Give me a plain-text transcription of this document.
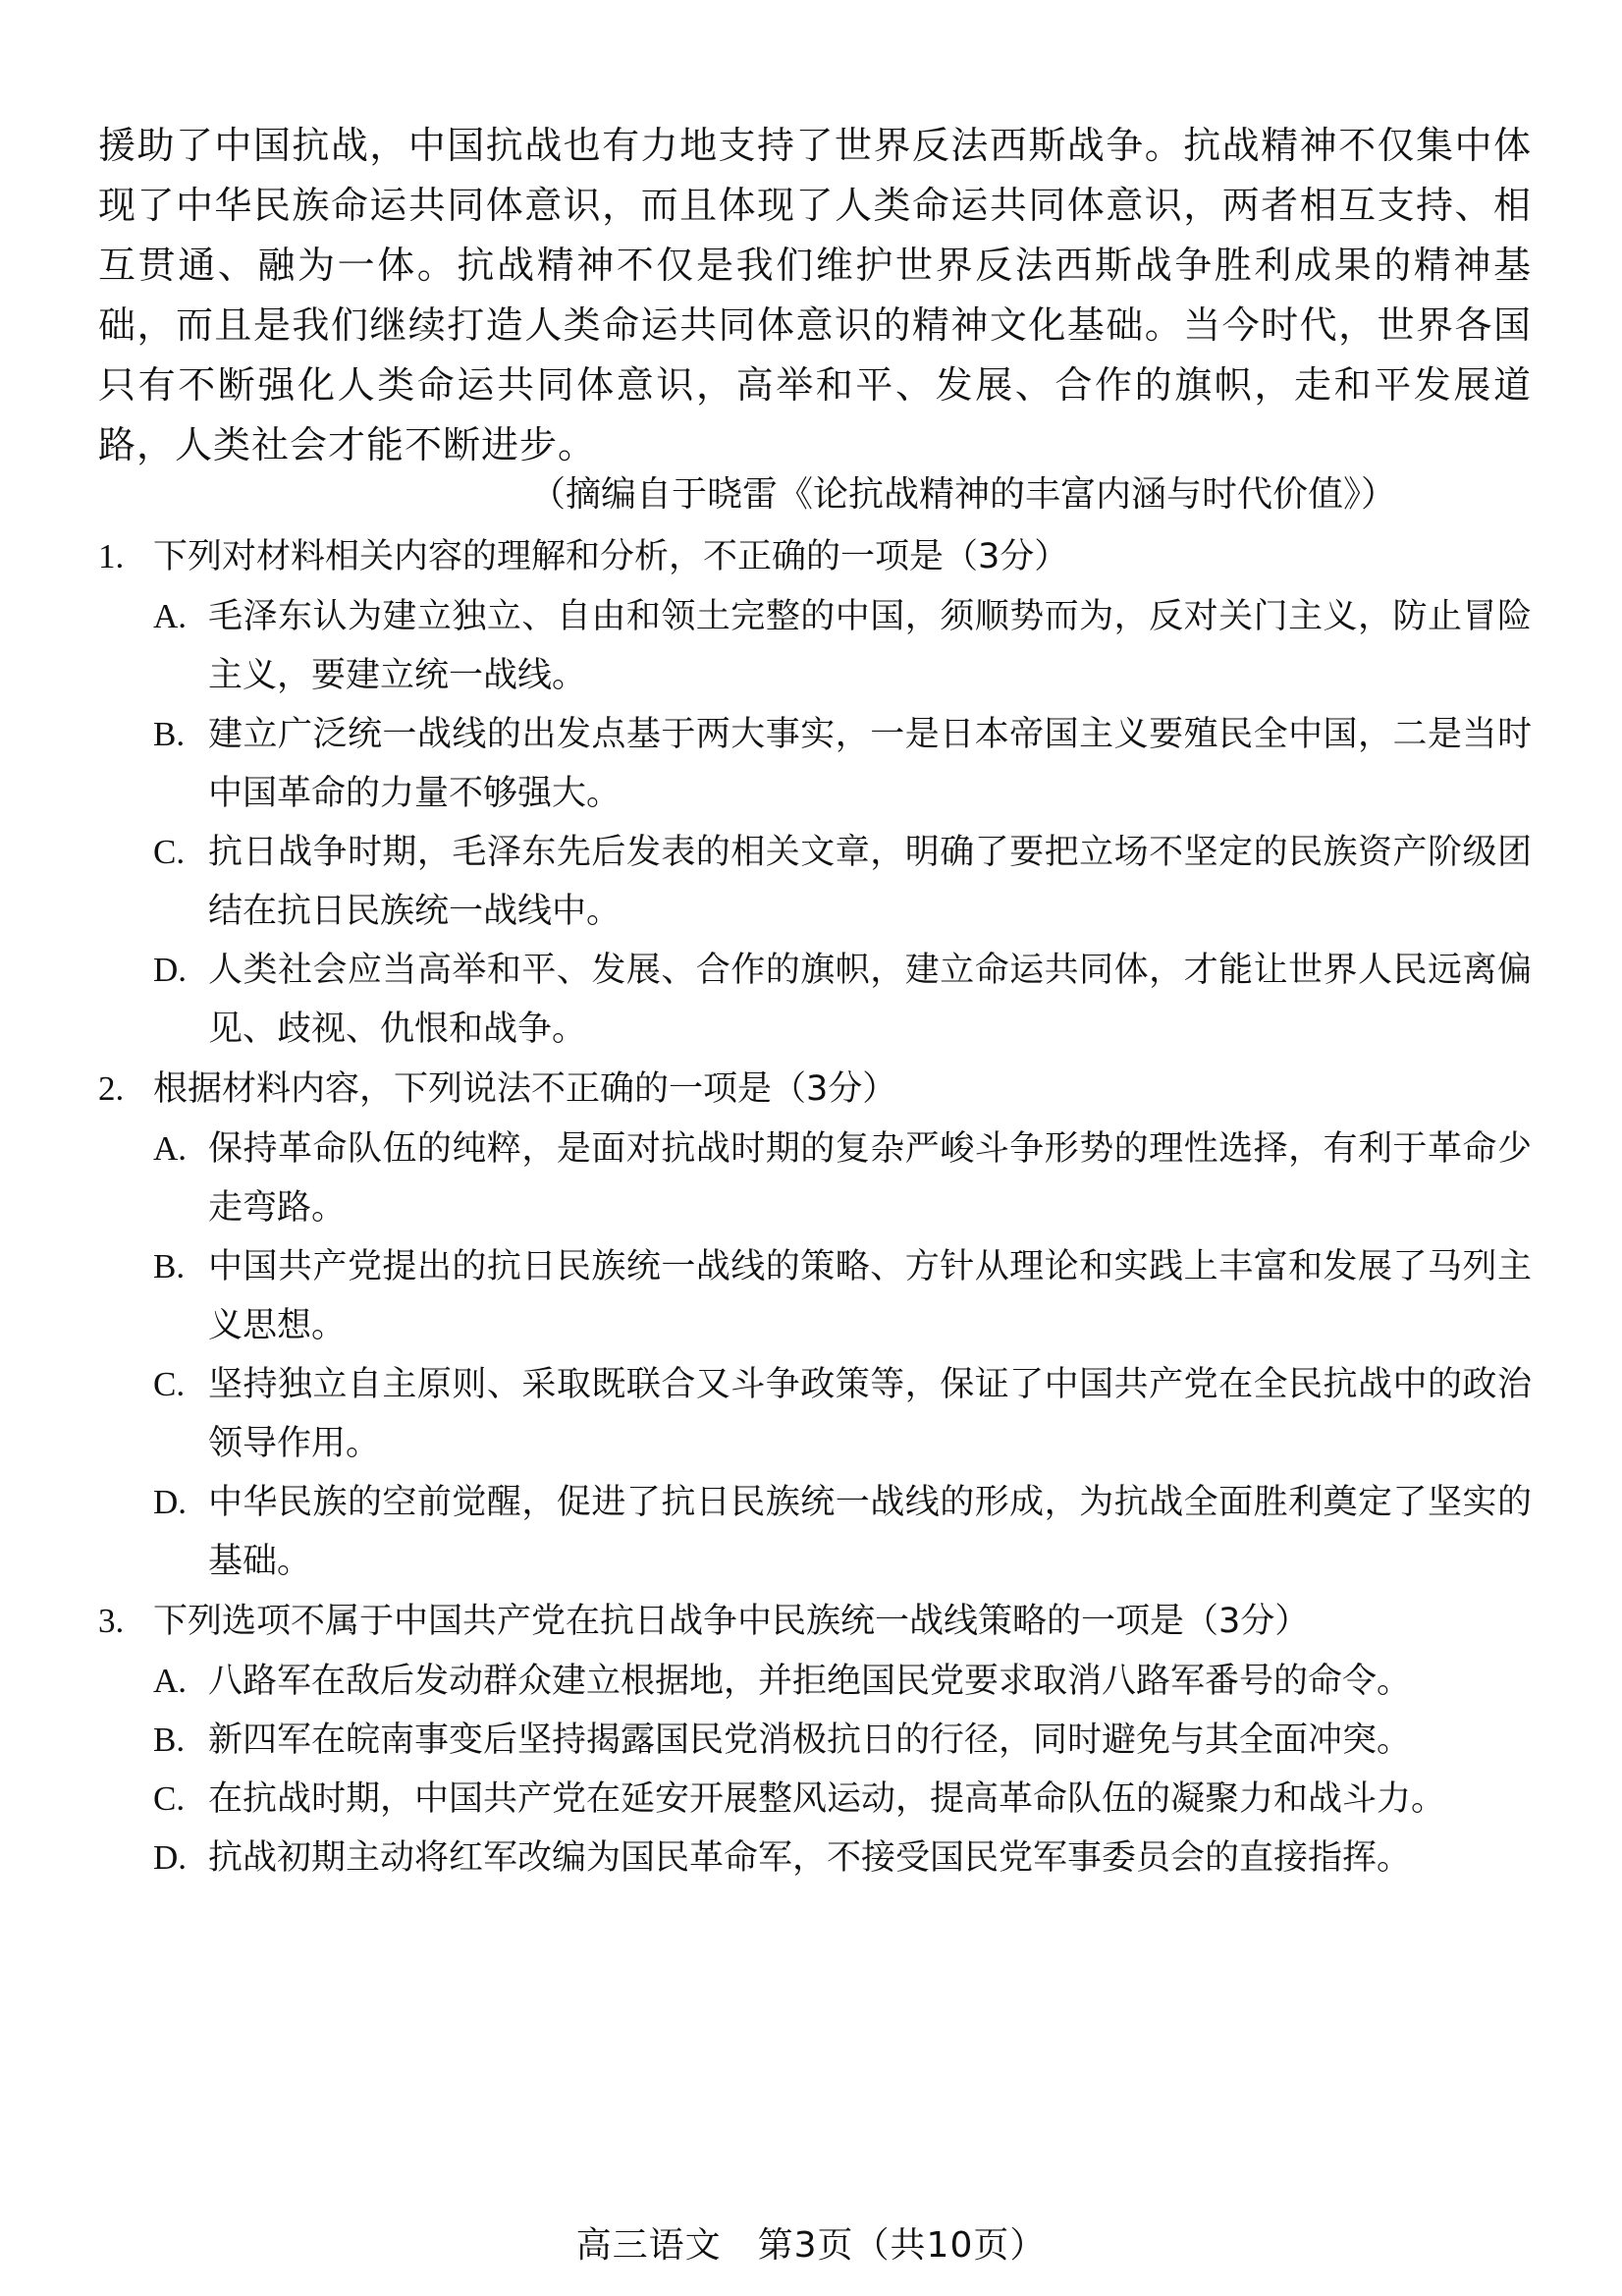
援助了中国抗战，中国抗战也有力地支持了世界反法西斯战争。抗战精神不仅集中体现了中华民族命运共同体意识，而且体现了人类命运共同体意识，两者相互支持、相互贯通、融为一体。抗战精神不仅是我们维护世界反法西斯战争胜利成果的精神基础，而且是我们继续打造人类命运共同体意识的精神文化基础。当今时代，世界各国只有不断强化人类命运共同体意识，高举和平、发展、合作的旗帜，走和平发展道路，人类社会才能不断进步。
（摘编自于晓雷《论抗战精神的丰富内涵与时代价值》）
1. 下列对材料相关内容的理解和分析，不正确的一项是（3分）
A. 毛泽东认为建立独立、自由和领土完整的中国，须顺势而为，反对关门主义，防止冒险主义，要建立统一战线。
B. 建立广泛统一战线的出发点基于两大事实，一是日本帝国主义要殖民全中国，二是当时中国革命的力量不够强大。
C. 抗日战争时期，毛泽东先后发表的相关文章，明确了要把立场不坚定的民族资产阶级团结在抗日民族统一战线中。
D. 人类社会应当高举和平、发展、合作的旗帜，建立命运共同体，才能让世界人民远离偏见、歧视、仇恨和战争。
2. 根据材料内容，下列说法不正确的一项是（3分）
A. 保持革命队伍的纯粹，是面对抗战时期的复杂严峻斗争形势的理性选择，有利于革命少走弯路。
B. 中国共产党提出的抗日民族统一战线的策略、方针从理论和实践上丰富和发展了马列主义思想。
C. 坚持独立自主原则、采取既联合又斗争政策等，保证了中国共产党在全民抗战中的政治领导作用。
D. 中华民族的空前觉醒，促进了抗日民族统一战线的形成，为抗战全面胜利奠定了坚实的基础。
3. 下列选项不属于中国共产党在抗日战争中民族统一战线策略的一项是（3分）
A. 八路军在敌后发动群众建立根据地，并拒绝国民党要求取消八路军番号的命令。
B. 新四军在皖南事变后坚持揭露国民党消极抗日的行径，同时避免与其全面冲突。
C. 在抗战时期，中国共产党在延安开展整风运动，提高革命队伍的凝聚力和战斗力。
D. 抗战初期主动将红军改编为国民革命军，不接受国民党军事委员会的直接指挥。
高三语文　第3页（共10页）
